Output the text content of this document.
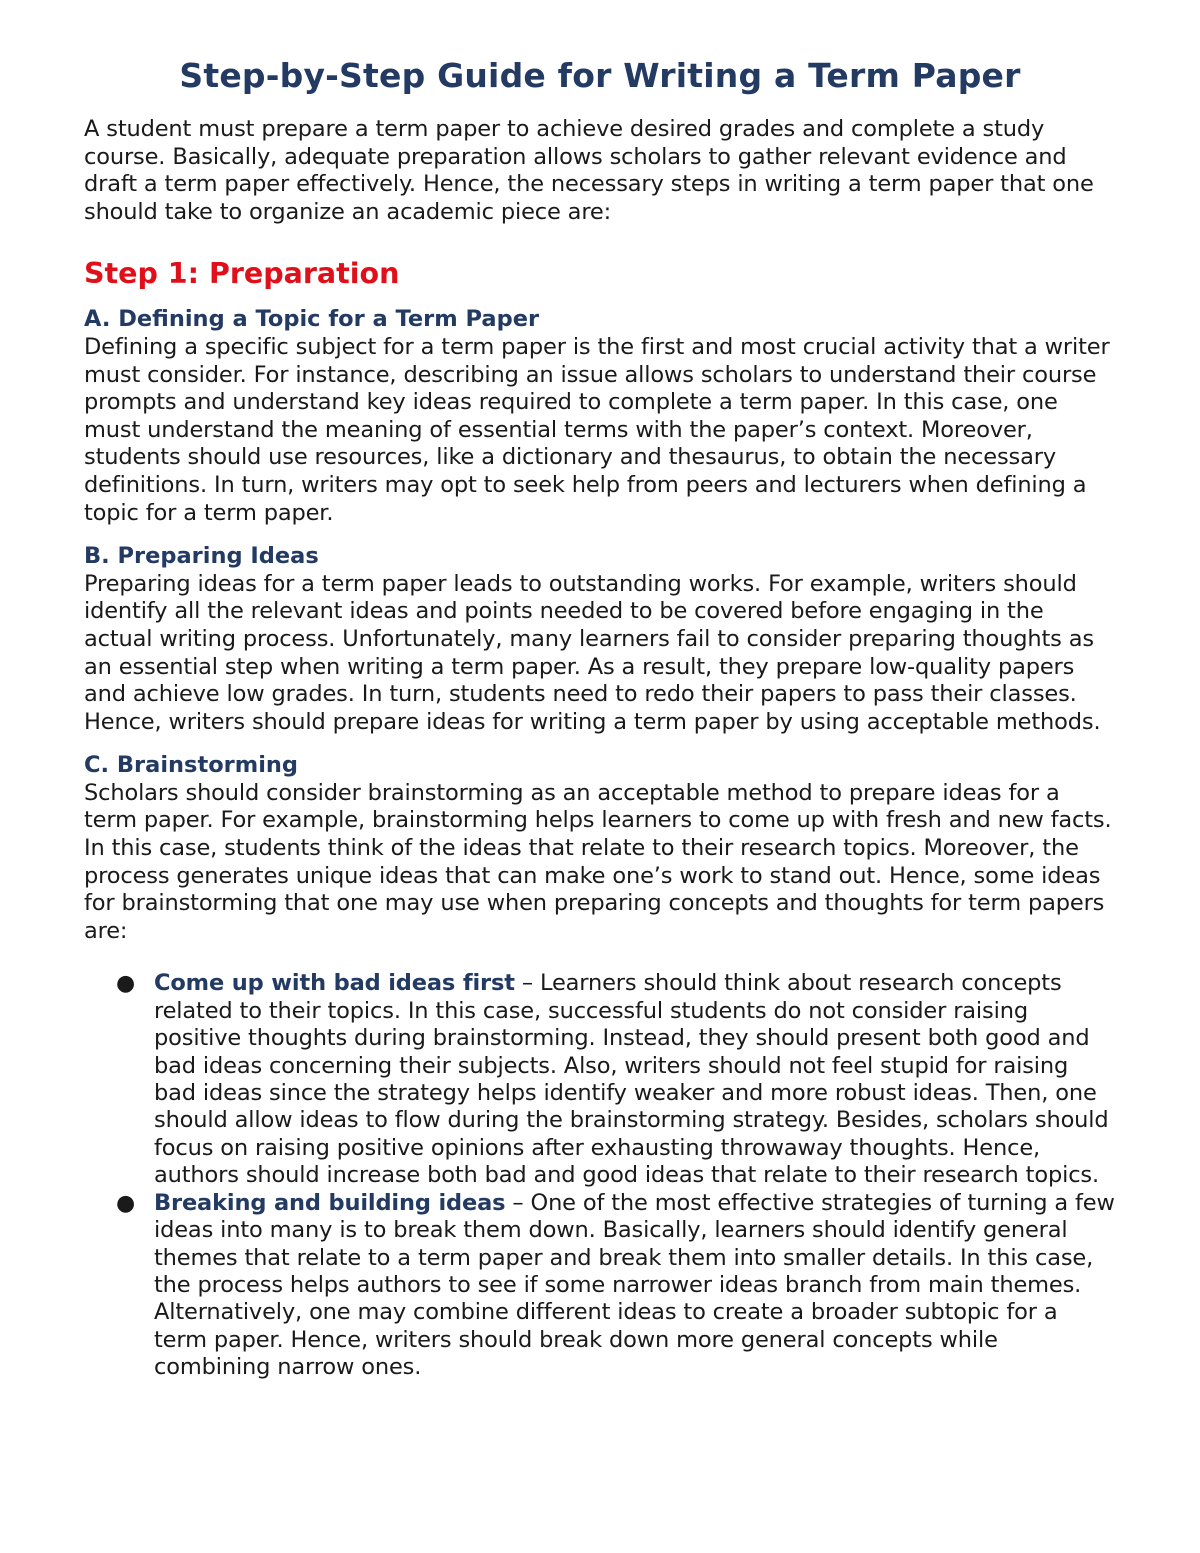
Step-by-Step Guide for Writing a Term Paper

A student must prepare a term paper to achieve desired grades and complete a study course. Basically, adequate preparation allows scholars to gather relevant evidence and draft a term paper effectively. Hence, the necessary steps in writing a term paper that one should take to organize an academic piece are:

Step 1: Preparation
A. Defining a Topic for a Term Paper

Defining a specific subject for a term paper is the first and most crucial activity that a writer must consider. For instance, describing an issue allows scholars to understand their course prompts and understand key ideas required to complete a term paper. In this case, one must understand the meaning of essential terms with the paper’s context. Moreover, students should use resources, like a dictionary and thesaurus, to obtain the necessary definitions. In turn, writers may opt to seek help from peers and lecturers when defining a topic for a term paper.

B. Preparing Ideas

Preparing ideas for a term paper leads to outstanding works. For example, writers should identify all the relevant ideas and points needed to be covered before engaging in the actual writing process. Unfortunately, many learners fail to consider preparing thoughts as an essential step when writing a term paper. As a result, they prepare low-quality papers and achieve low grades. In turn, students need to redo their papers to pass their classes. Hence, writers should prepare ideas for writing a term paper by using acceptable methods.

C. Brainstorming

Scholars should consider brainstorming as an acceptable method to prepare ideas for a term paper. For example, brainstorming helps learners to come up with fresh and new facts. In this case, students think of the ideas that relate to their research topics. Moreover, the process generates unique ideas that can make one’s work to stand out. Hence, some ideas for brainstorming that one may use when preparing concepts and thoughts for term papers are:

● Come up with bad ideas first – Learners should think about research concepts related to their topics. In this case, successful students do not consider raising positive thoughts during brainstorming. Instead, they should present both good and bad ideas concerning their subjects. Also, writers should not feel stupid for raising bad ideas since the strategy helps identify weaker and more robust ideas. Then, one should allow ideas to flow during the brainstorming strategy. Besides, scholars should focus on raising positive opinions after exhausting throwaway thoughts. Hence, authors should increase both bad and good ideas that relate to their research topics.
● Breaking and building ideas – One of the most effective strategies of turning a few ideas into many is to break them down. Basically, learners should identify general themes that relate to a term paper and break them into smaller details. In this case, the process helps authors to see if some narrower ideas branch from main themes. Alternatively, one may combine different ideas to create a broader subtopic for a term paper. Hence, writers should break down more general concepts while combining narrow ones.
